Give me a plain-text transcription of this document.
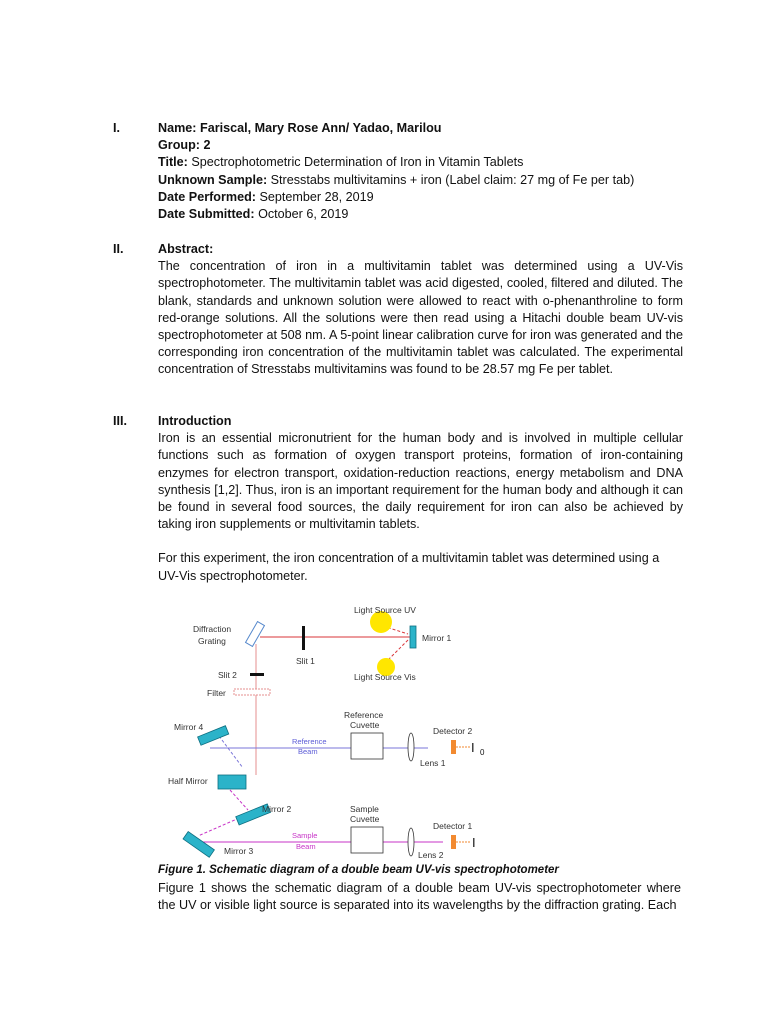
I.	Name: Fariscal, Mary Rose Ann/ Yadao, Marilou
Group: 2
Title: Spectrophotometric Determination of Iron in Vitamin Tablets
Unknown Sample: Stresstabs multivitamins + iron (Label claim: 27 mg of Fe per tab)
Date Performed: September 28, 2019
Date Submitted: October 6, 2019
II.	Abstract:

The concentration of iron in a multivitamin tablet was determined using a UV-Vis spectrophotometer. The multivitamin tablet was acid digested, cooled, filtered and diluted. The blank, standards and unknown solution were allowed to react with o-phenanthroline to form red-orange solutions. All the solutions were then read using a Hitachi double beam UV-vis spectrophotometer at 508 nm. A 5-point linear calibration curve for iron was generated and the corresponding iron concentration of the multivitamin tablet was calculated. The experimental concentration of Stresstabs multivitamins was found to be 28.57 mg Fe per tablet.

III. Introduction

Iron is an essential micronutrient for the human body and is involved in multiple cellular functions such as formation of oxygen transport proteins, formation of iron-containing enzymes for electron transport, oxidation-reduction reactions, energy metabolism and DNA synthesis [1,2]. Thus, iron is an important requirement for the human body and although it can be found in several food sources, the daily requirement for iron can also be achieved by taking iron supplements or multivitamin tablets.

For this experiment, the iron concentration of a multivitamin tablet was determined using a UV-Vis spectrophotometer.

Light Source UV
Light Source Vis
Diffraction
Grating
Slit 1
Mirror 1
Slit 2
Filter
Mirror 4
Half Mirror
Mirror 2
Mirror 3
Reference
Cuvette
Reference
Beam
Sample
Cuvette
Sample
Beam
Lens 1
Lens 2
Detector 2
I 0
Detector 1
I
Figure 1. Schematic diagram of a double beam UV-vis spectrophotometer

Figure 1 shows the schematic diagram of a double beam UV-vis spectrophotometer where the UV or visible light source is separated into its wavelengths by the diffraction grating. Each
